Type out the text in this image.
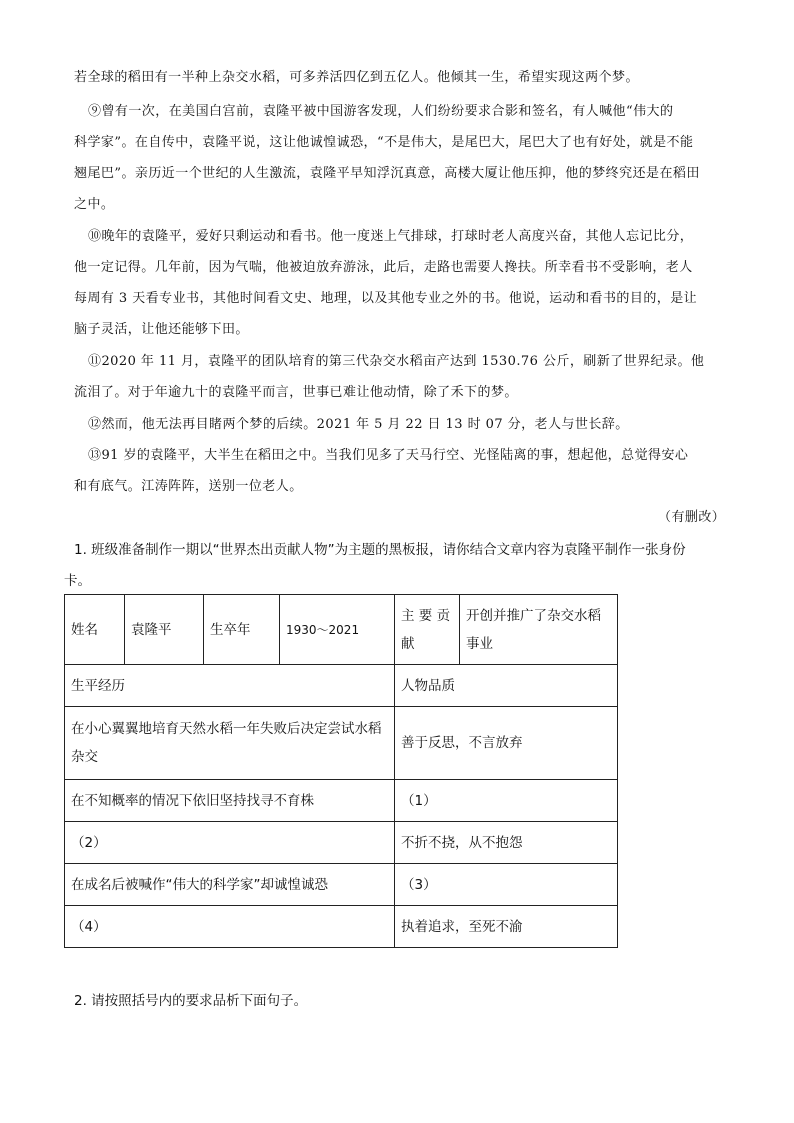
若全球的稻田有一半种上杂交水稻，可多养活四亿到五亿人。他倾其一生，希望实现这两个梦。
⑨曾有一次，在美国白宫前，袁隆平被中国游客发现，人们纷纷要求合影和签名，有人喊他“伟大的
科学家”。在自传中，袁隆平说，这让他诚惶诚恐，“不是伟大，是尾巴大，尾巴大了也有好处，就是不能
翘尾巴”。亲历近一个世纪的人生激流，袁隆平早知浮沉真意，高楼大厦让他压抑，他的梦终究还是在稻田
之中。
⑩晚年的袁隆平，爱好只剩运动和看书。他一度迷上气排球，打球时老人高度兴奋，其他人忘记比分，
他一定记得。几年前，因为气喘，他被迫放弃游泳，此后，走路也需要人搀扶。所幸看书不受影响，老人
每周有 3 天看专业书，其他时间看文史、地理，以及其他专业之外的书。他说，运动和看书的目的，是让
脑子灵活，让他还能够下田。
⑪2020 年 11 月，袁隆平的团队培育的第三代杂交水稻亩产达到 1530.76 公斤，刷新了世界纪录。他
流泪了。对于年逾九十的袁隆平而言，世事已难让他动情，除了禾下的梦。
⑫然而，他无法再目睹两个梦的后续。2021 年 5 月 22 日 13 时 07 分，老人与世长辞。
⑬91 岁的袁隆平，大半生在稻田之中。当我们见多了天马行空、光怪陆离的事，想起他，总觉得安心
和有底气。江涛阵阵，送别一位老人。
（有删改）
1. 班级准备制作一期以“世界杰出贡献人物”为主题的黑板报，请你结合文章内容为袁隆平制作一张身份
卡。
姓名	袁隆平	生卒年	1930～2021	主 要 贡 献	开创并推广了杂交水稻事业
生平经历				人物品质	
在小心翼翼地培育天然水稻一年失败后决定尝试水稻杂交				善于反思，不言放弃	
在不知概率的情况下依旧坚持找寻不育株				（1）	
（2）				不折不挠，从不抱怨	
在成名后被喊作“伟大的科学家”却诚惶诚恐				（3）	
（4）				执着追求，至死不渝	
2. 请按照括号内的要求品析下面句子。
